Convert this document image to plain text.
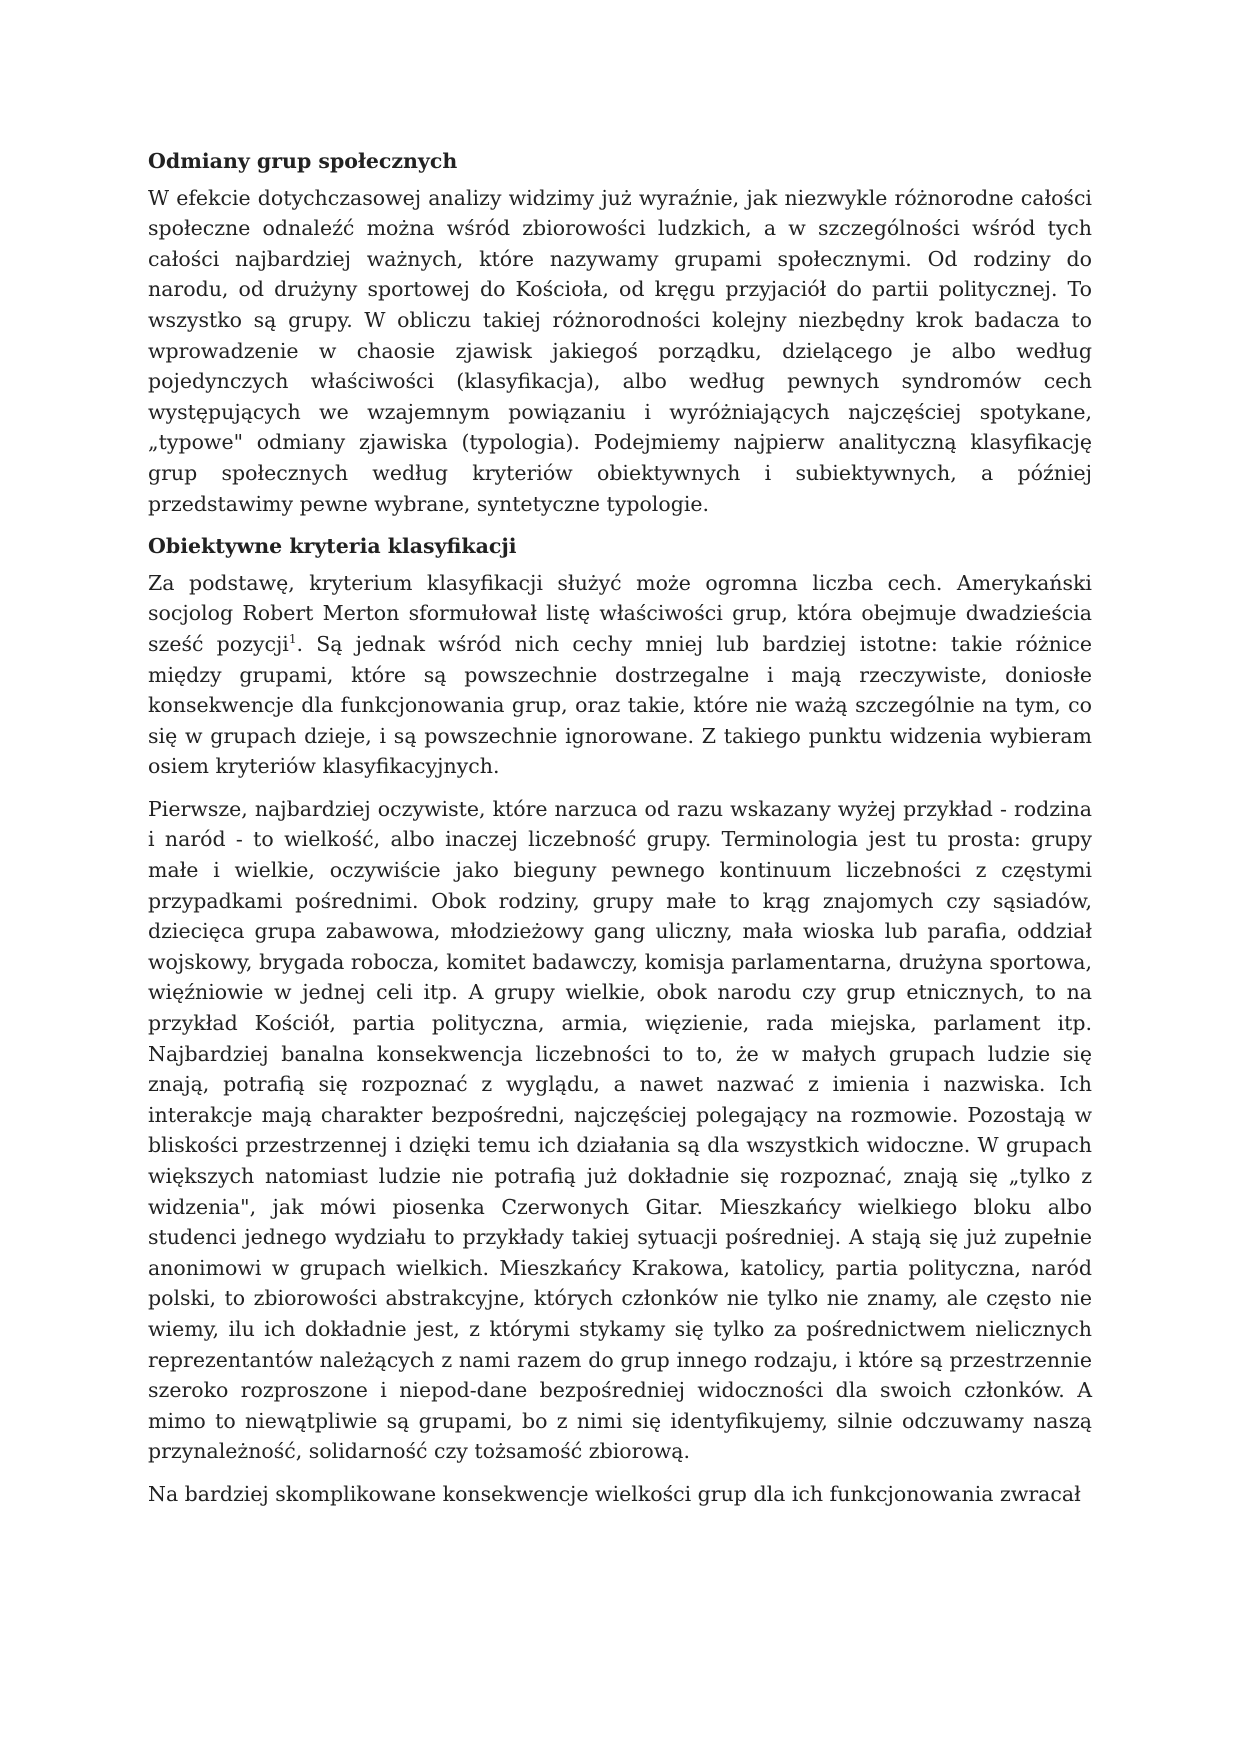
Odmiany grup społecznych

W efekcie dotychczasowej analizy widzimy już wyraźnie, jak niezwykle różnorodne całości społeczne odnaleźć można wśród zbiorowości ludzkich, a w szczególności wśród tych całości najbardziej ważnych, które nazywamy grupami społecznymi. Od rodziny do narodu, od drużyny sportowej do Kościoła, od kręgu przyjaciół do partii politycznej. To wszystko są grupy. W obliczu takiej różnorodności kolejny niezbędny krok badacza to wprowadzenie w chaosie zjawisk jakiegoś porządku, dzielącego je albo według pojedynczych właściwości (klasyfikacja), albo według pewnych syndromów cech występujących we wzajemnym powiązaniu i wyróżniających najczęściej spotykane, „typowe" odmiany zjawiska (typologia). Podejmiemy najpierw analityczną klasyfikację grup społecznych według kryteriów obiektywnych i subiektywnych, a później przedstawimy pewne wybrane, syntetyczne typologie.

Obiektywne kryteria klasyfikacji

Za podstawę, kryterium klasyfikacji służyć może ogromna liczba cech. Amerykański socjolog Robert Merton sformułował listę właściwości grup, która obejmuje dwadzieścia sześć pozycji$^1$. Są jednak wśród nich cechy mniej lub bardziej istotne: takie różnice między grupami, które są powszechnie dostrzegalne i mają rzeczywiste, doniosłe konsekwencje dla funkcjonowania grup, oraz takie, które nie ważą szczególnie na tym, co się w grupach dzieje, i są powszechnie ignorowane. Z takiego punktu widzenia wybieram osiem kryteriów klasyfikacyjnych.

Pierwsze, najbardziej oczywiste, które narzuca od razu wskazany wyżej przykład - rodzina i naród - to wielkość, albo inaczej liczebność grupy. Terminologia jest tu prosta: grupy małe i wielkie, oczywiście jako bieguny pewnego kontinuum liczebności z częstymi przypadkami pośrednimi. Obok rodziny, grupy małe to krąg znajomych czy sąsiadów, dziecięca grupa zabawowa, młodzieżowy gang uliczny, mała wioska lub parafia, oddział wojskowy, brygada robocza, komitet badawczy, komisja parlamentarna, drużyna sportowa, więźniowie w jednej celi itp. A grupy wielkie, obok narodu czy grup etnicznych, to na przykład Kościół, partia polityczna, armia, więzienie, rada miejska, parlament itp. Najbardziej banalna konsekwencja liczebności to to, że w małych grupach ludzie się znają, potrafią się rozpoznać z wyglądu, a nawet nazwać z imienia i nazwiska. Ich interakcje mają charakter bezpośredni, najczęściej polegający na rozmowie. Pozostają w bliskości przestrzennej i dzięki temu ich działania są dla wszystkich widoczne. W grupach większych natomiast ludzie nie potrafią już dokładnie się rozpoznać, znają się „tylko z widzenia", jak mówi piosenka Czerwonych Gitar. Mieszkańcy wielkiego bloku albo studenci jednego wydziału to przykłady takiej sytuacji pośredniej. A stają się już zupełnie anonimowi w grupach wielkich. Mieszkańcy Krakowa, katolicy, partia polityczna, naród polski, to zbiorowości abstrakcyjne, których członków nie tylko nie znamy, ale często nie wiemy, ilu ich dokładnie jest, z którymi stykamy się tylko za pośrednictwem nielicznych reprezentantów należących z nami razem do grup innego rodzaju, i które są przestrzennie szeroko rozproszone i niepod-dane bezpośredniej widoczności dla swoich członków. A mimo to niewątpliwie są grupami, bo z nimi się identyfikujemy, silnie odczuwamy naszą przynależność, solidarność czy tożsamość zbiorową.

Na bardziej skomplikowane konsekwencje wielkości grup dla ich funkcjonowania zwracał
